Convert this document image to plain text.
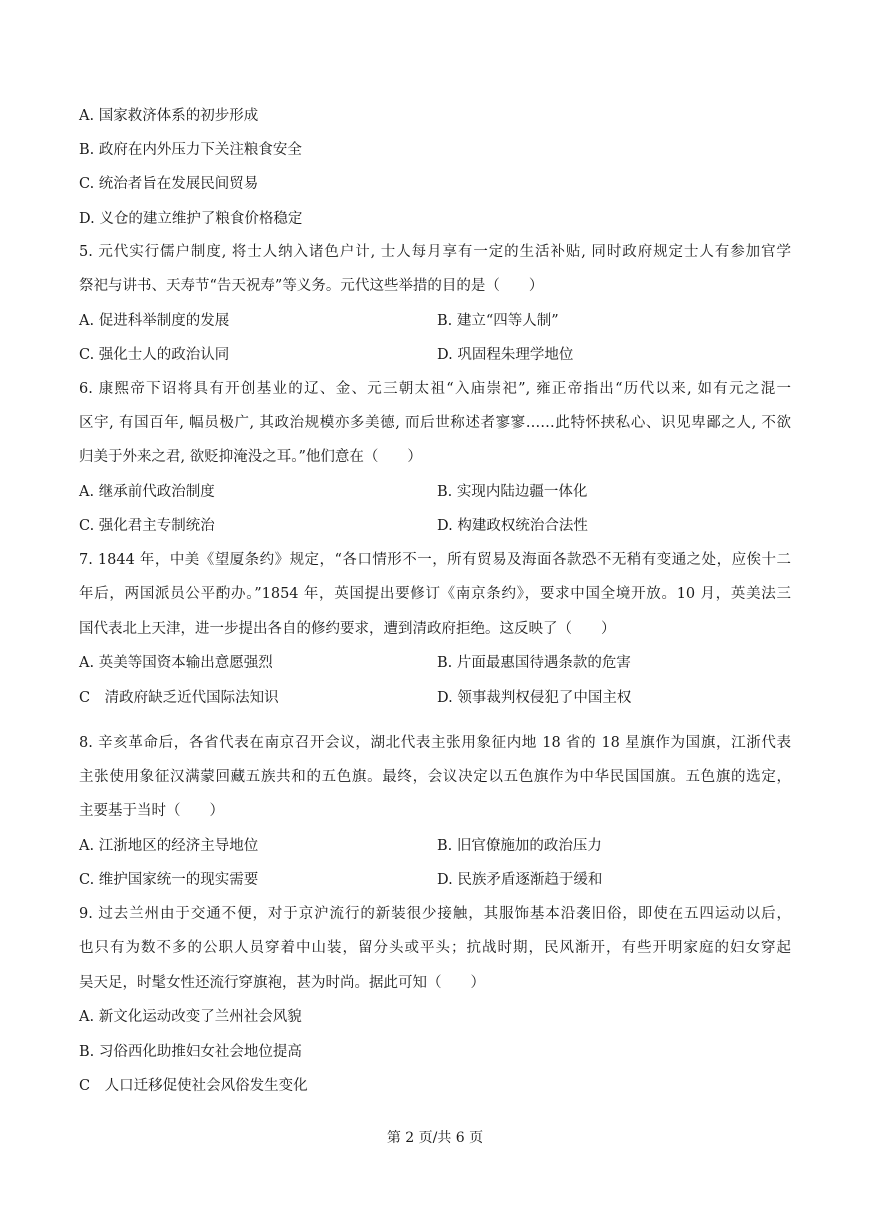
A. 国家救济体系的初步形成
B. 政府在内外压力下关注粮食安全
C. 统治者旨在发展民间贸易
D. 义仓的建立维护了粮食价格稳定
5. 元代实行儒户制度, 将士人纳入诸色户计, 士人每月享有一定的生活补贴, 同时政府规定士人有参加官学
祭祀与讲书、天寿节“告天祝寿”等义务。元代这些举措的目的是（　　）
A. 促进科举制度的发展	B. 建立“四等人制”
C. 强化士人的政治认同	D. 巩固程朱理学地位
6. 康熙帝下诏将具有开创基业的辽、金、元三朝太祖“入庙崇祀”, 雍正帝指出“历代以来, 如有元之混一
区宇, 有国百年, 幅员极广, 其政治规模亦多美德, 而后世称述者寥寥……此特怀挟私心、识见卑鄙之人, 不欲
归美于外来之君, 欲贬抑淹没之耳。”他们意在（　　）
A. 继承前代政治制度	B. 实现内陆边疆一体化
C. 强化君主专制统治	D. 构建政权统治合法性
7. 1844 年，中美《望厦条约》规定，“各口情形不一，所有贸易及海面各款恐不无稍有变通之处，应俟十二
年后，两国派员公平酌办。”1854 年，英国提出要修订《南京条约》，要求中国全境开放。10 月，英美法三
国代表北上天津，进一步提出各自的修约要求，遭到清政府拒绝。这反映了（　　）
A. 英美等国资本输出意愿强烈	B. 片面最惠国待遇条款的危害
C　清政府缺乏近代国际法知识	D. 领事裁判权侵犯了中国主权
8. 辛亥革命后，各省代表在南京召开会议，湖北代表主张用象征内地 18 省的 18 星旗作为国旗，江浙代表
主张使用象征汉满蒙回藏五族共和的五色旗。最终，会议决定以五色旗作为中华民国国旗。五色旗的选定，
主要基于当时（　　）
A. 江浙地区的经济主导地位	B. 旧官僚施加的政治压力
C. 维护国家统一的现实需要	D. 民族矛盾逐渐趋于缓和
9. 过去兰州由于交通不便，对于京沪流行的新装很少接触，其服饰基本沿袭旧俗，即使在五四运动以后，
也只有为数不多的公职人员穿着中山装，留分头或平头；抗战时期，民风渐开，有些开明家庭的妇女穿起
吴天足，时髦女性还流行穿旗袍，甚为时尚。据此可知（　　）
A. 新文化运动改变了兰州社会风貌
B. 习俗西化助推妇女社会地位提高
C　人口迁移促使社会风俗发生变化
第 2 页/共 6 页
